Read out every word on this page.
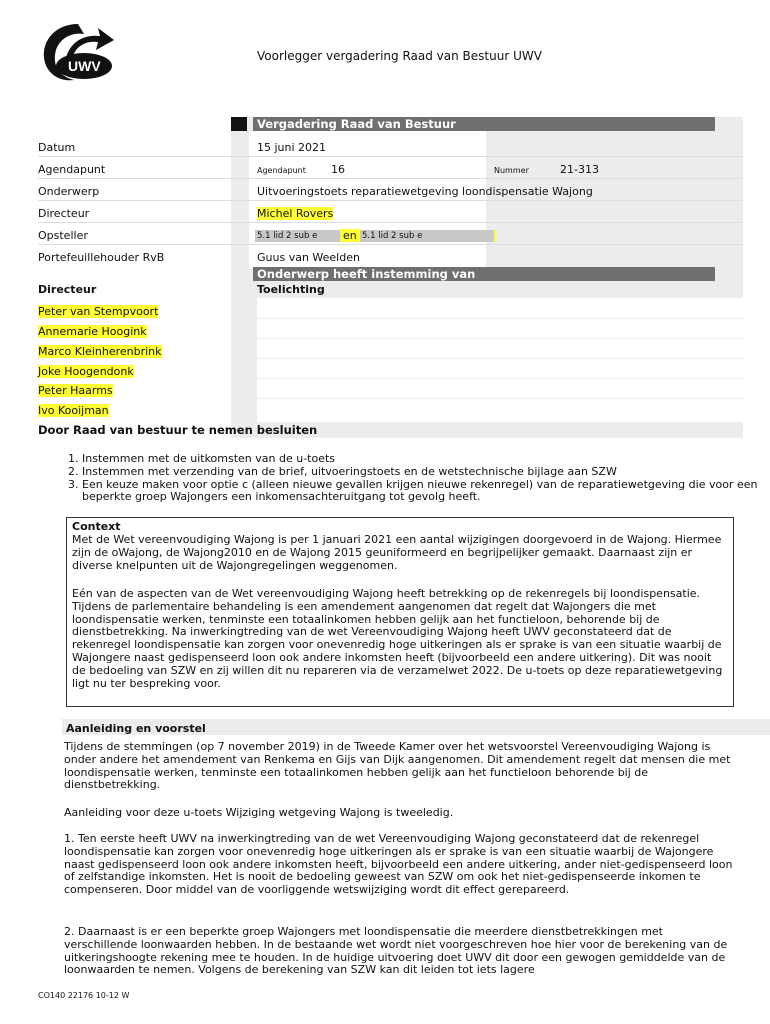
UWV
Voorlegger vergadering Raad van Bestuur UWV
Vergadering Raad van Bestuur
Datum	15 juni 2021
Agendapunt	Agendapunt 16	Nummer	21-313
Onderwerp	Uitvoeringstoets reparatiewetgeving loondispensatie Wajong
Directeur	Michel Rovers
Opsteller	5.1 lid 2 sub e	en 5.1 lid 2 sub e
Portefeuillehouder RvB	Guus van Weelden
Onderwerp heeft instemming van
Directeur	Toelichting
Peter van Stempvoort
Annemarie Hoogink
Marco Kleinherenbrink
Joke Hoogendonk
Peter Haarms
Ivo Kooijman
Door Raad van bestuur te nemen besluiten
1. Instemmen met de uitkomsten van de u-toets
2. Instemmen met verzending van de brief, uitvoeringstoets en de wetstechnische bijlage aan SZW
3. Een keuze maken voor optie c (alleen nieuwe gevallen krijgen nieuwe rekenregel) van de reparatiewetgeving die voor een beperkte groep Wajongers een inkomensachteruitgang tot gevolg heeft.
Context

Met de Wet vereenvoudiging Wajong is per 1 januari 2021 een aantal wijzigingen doorgevoerd in de Wajong. Hiermee zijn de oWajong, de Wajong2010 en de Wajong 2015 geuniformeerd en begrijpelijker gemaakt. Daarnaast zijn er diverse knelpunten uit de Wajongregelingen weggenomen.

Eén van de aspecten van de Wet vereenvoudiging Wajong heeft betrekking op de rekenregels bij loondispensatie. Tijdens de parlementaire behandeling is een amendement aangenomen dat regelt dat Wajongers die met loondispensatie werken, tenminste een totaalinkomen hebben gelijk aan het functieloon, behorende bij de dienstbetrekking. Na inwerkingtreding van de wet Vereenvoudiging Wajong heeft UWV geconstateerd dat de rekenregel loondispensatie kan zorgen voor onevenredig hoge uitkeringen als er sprake is van een situatie waarbij de Wajongere naast gedispenseerd loon ook andere inkomsten heeft (bijvoorbeeld een andere uitkering). Dit was nooit de bedoeling van SZW en zij willen dit nu repareren via de verzamelwet 2022. De u-toets op deze reparatiewetgeving ligt nu ter bespreking voor.

Aanleiding en voorstel

Tijdens de stemmingen (op 7 november 2019) in de Tweede Kamer over het wetsvoorstel Vereenvoudiging Wajong is onder andere het amendement van Renkema en Gijs van Dijk aangenomen. Dit amendement regelt dat mensen die met loondispensatie werken, tenminste een totaalinkomen hebben gelijk aan het functieloon behorende bij de dienstbetrekking.

Aanleiding voor deze u-toets Wijziging wetgeving Wajong is tweeledig.

1. Ten eerste heeft UWV na inwerkingtreding van de wet Vereenvoudiging Wajong geconstateerd dat de rekenregel loondispensatie kan zorgen voor onevenredig hoge uitkeringen als er sprake is van een situatie waarbij de Wajongere naast gedispenseerd loon ook andere inkomsten heeft, bijvoorbeeld een andere uitkering, ander niet-gedispenseerd loon of zelfstandige inkomsten. Het is nooit de bedoeling geweest van SZW om ook het niet-gedispenseerde inkomen te compenseren. Door middel van de voorliggende wetswijziging wordt dit effect gerepareerd.

2. Daarnaast is er een beperkte groep Wajongers met loondispensatie die meerdere dienstbetrekkingen met verschillende loonwaarden hebben. In de bestaande wet wordt niet voorgeschreven hoe hier voor de berekening van de uitkeringshoogte rekening mee te houden. In de huidige uitvoering doet UWV dit door een gewogen gemiddelde van de loonwaarden te nemen. Volgens de berekening van SZW kan dit leiden tot iets lagere

CO140 22176 10-12 W
